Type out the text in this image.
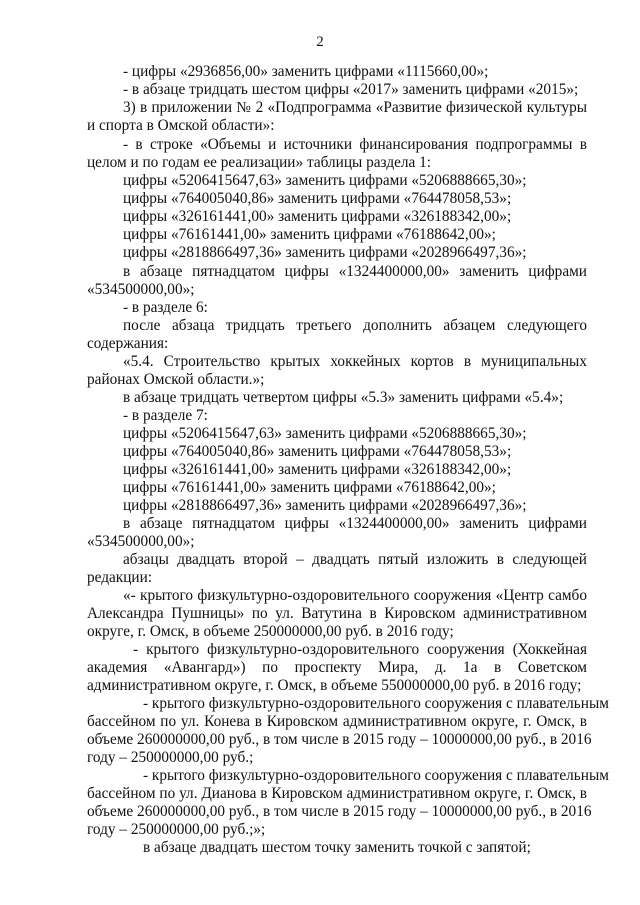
2
- цифры «2936856,00» заменить цифрами «1115660,00»;
- в абзаце тридцать шестом цифры «2017» заменить цифрами «2015»;
3) в приложении № 2 «Подпрограмма «Развитие физической культуры
и спорта в Омской области»:
- в строке «Объемы и источники финансирования подпрограммы в
целом и по годам ее реализации» таблицы раздела 1:
цифры «5206415647,63» заменить цифрами «5206888665,30»;
цифры «764005040,86» заменить цифрами «764478058,53»;
цифры «326161441,00» заменить цифрами «326188342,00»;
цифры «76161441,00» заменить цифрами «76188642,00»;
цифры «2818866497,36» заменить цифрами «2028966497,36»;
в абзаце пятнадцатом цифры «1324400000,00» заменить цифрами
«534500000,00»;
- в разделе 6:
после абзаца тридцать третьего дополнить абзацем следующего
содержания:
«5.4. Строительство крытых хоккейных кортов в муниципальных
районах Омской области.»;
в абзаце тридцать четвертом цифры «5.3» заменить цифрами «5.4»;
- в разделе 7:
цифры «5206415647,63» заменить цифрами «5206888665,30»;
цифры «764005040,86» заменить цифрами «764478058,53»;
цифры «326161441,00» заменить цифрами «326188342,00»;
цифры «76161441,00» заменить цифрами «76188642,00»;
цифры «2818866497,36» заменить цифрами «2028966497,36»;
в абзаце пятнадцатом цифры «1324400000,00» заменить цифрами
«534500000,00»;
абзацы двадцать второй – двадцать пятый изложить в следующей
редакции:
«- крытого физкультурно-оздоровительного сооружения «Центр самбо
Александра Пушницы» по ул. Ватутина в Кировском административном
округе, г. Омск, в объеме 250000000,00 руб. в 2016 году;
- крытого физкультурно-оздоровительного сооружения (Хоккейная
академия «Авангард») по проспекту Мира, д. 1а в Советском
административном округе, г. Омск, в объеме 550000000,00 руб. в 2016 году;
- крытого физкультурно-оздоровительного сооружения с плавательным
бассейном по ул. Конева в Кировском административном округе, г. Омск, в
объеме 260000000,00 руб., в том числе в 2015 году – 10000000,00 руб., в 2016
году – 250000000,00 руб.;
- крытого физкультурно-оздоровительного сооружения с плавательным
бассейном по ул. Дианова в Кировском административном округе, г. Омск, в
объеме 260000000,00 руб., в том числе в 2015 году – 10000000,00 руб., в 2016
году – 250000000,00 руб.;»;
в абзаце двадцать шестом точку заменить точкой с запятой;
